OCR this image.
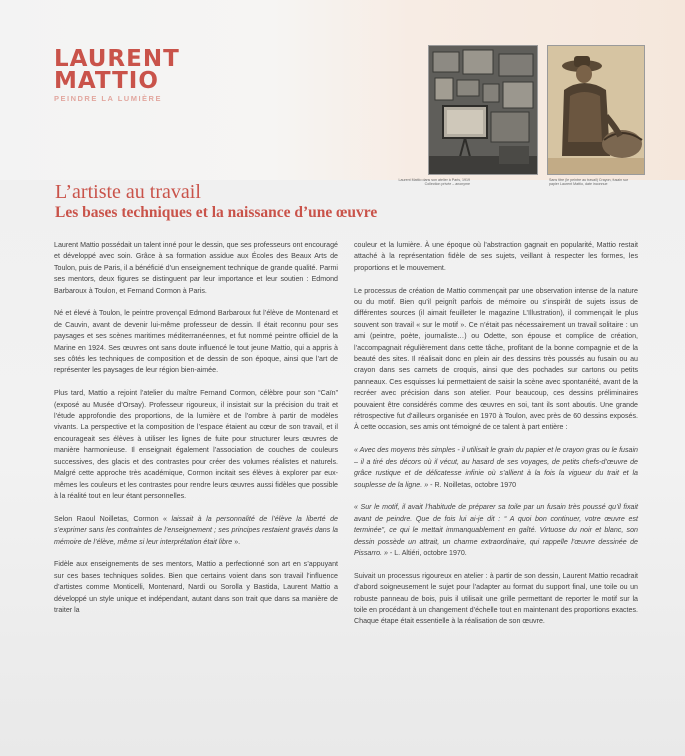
LAURENT
MATTIO
PEINDRE LA LUMIÈRE
Laurent Mattio dans son atelier à Paris, 1919 Collection privée – anonyme
Sans titre (le peintre au travail) Crayon, fusain sur papier Laurent Mattio, date inconnue
L’artiste au travail
Les bases techniques et la naissance d’une œuvre

Laurent Mattio possédait un talent inné pour le dessin, que ses professeurs ont encouragé et développé avec soin. Grâce à sa formation assidue aux Écoles des Beaux Arts de Toulon, puis de Paris, il a bénéficié d’un enseignement technique de grande qualité. Parmi ses mentors, deux figures se distinguent par leur importance et leur soutien : Edmond Barbaroux à Toulon, et Fernand Cormon à Paris.

Né et élevé à Toulon, le peintre provençal Edmond Barbaroux fut l’élève de Montenard et de Cauvin, avant de devenir lui-même professeur de dessin. Il était reconnu pour ses paysages et ses scènes maritimes méditerranéennes, et fut nommé peintre officiel de la Marine en 1924. Ses œuvres ont sans doute influencé le tout jeune Mattio, qui a appris à ses côtés les techniques de composition et de dessin de son époque, ainsi que l’art de représenter les paysages de leur région bien-aimée.

Plus tard, Mattio a rejoint l’atelier du maître Fernand Cormon, célèbre pour son “Caïn” (exposé au Musée d’Orsay). Professeur rigoureux, il insistait sur la précision du trait et l’étude approfondie des proportions, de la lumière et de l’ombre à partir de modèles vivants. La perspective et la composition de l’espace étaient au cœur de son travail, et il encourageait ses élèves à utiliser les lignes de fuite pour structurer leurs œuvres de manière harmonieuse. Il enseignait également l’association de couches de couleurs successives, des glacis et des contrastes pour créer des volumes réalistes et naturels. Malgré cette approche très académique, Cormon incitait ses élèves à explorer par eux-mêmes les couleurs et les contrastes pour rendre leurs œuvres aussi fidèles que possible à la réalité tout en leur étant personnelles.

Selon Raoul Noilletas, Cormon « laissait à la personnalité de l’élève la liberté de s’exprimer sans les contraintes de l’enseignement ; ses principes restaient gravés dans la mémoire de l’élève, même si leur interprétation était libre ».

Fidèle aux enseignements de ses mentors, Mattio a perfectionné son art en s’appuyant sur ces bases techniques solides. Bien que certains voient dans son travail l’influence d’artistes comme Monticelli, Montenard, Nardi ou Sorolla y Bastida, Laurent Mattio a développé un style unique et indépendant, autant dans son trait que dans sa manière de traiter la

couleur et la lumière. À une époque où l’abstraction gagnait en popularité, Mattio restait attaché à la représentation fidèle de ses sujets, veillant à respecter les formes, les proportions et le mouvement.

Le processus de création de Mattio commençait par une observation intense de la nature ou du motif. Bien qu’il peignît parfois de mémoire ou s’inspirât de sujets issus de différentes sources (il aimait feuilleter le magazine L’Illustration), il commençait le plus souvent son travail « sur le motif ». Ce n’était pas nécessairement un travail solitaire : un ami (peintre, poète, journaliste…) ou Odette, son épouse et complice de création, l’accompagnait régulièrement dans cette tâche, profitant de la bonne compagnie et de la beauté des sites. Il réalisait donc en plein air des dessins très poussés au fusain ou au crayon dans ses carnets de croquis, ainsi que des pochades sur cartons ou petits panneaux. Ces esquisses lui permettaient de saisir la scène avec spontanéité, avant de la recréer avec précision dans son atelier. Pour beaucoup, ces dessins préliminaires pouvaient être considérés comme des œuvres en soi, tant ils sont aboutis. Une grande rétrospective fut d’ailleurs organisée en 1970 à Toulon, avec près de 60 dessins exposés. À cette occasion, ses amis ont témoigné de ce talent à part entière :

« Avec des moyens très simples - il utilisait le grain du papier et le crayon gras ou le fusain – il a tiré des décors où il vécut, au hasard de ses voyages, de petits chefs-d’œuvre de grâce rustique et de délicatesse infinie où s’allient à la fois la vigueur du trait et la souplesse de la ligne. » - R. Noilletas, octobre 1970

« Sur le motif, il avait l’habitude de préparer sa toile par un fusain très poussé qu’il fixait avant de peindre. Que de fois lui ai-je dit : “ A quoi bon continuer, votre œuvre est terminée”, ce qui le mettait immanquablement en gaîté. Virtuose du noir et blanc, son dessin possède un attrait, un charme extraordinaire, qui rappelle l’œuvre dessinée de Pissarro. » - L. Altiéri, octobre 1970.

Suivait un processus rigoureux en atelier : à partir de son dessin, Laurent Mattio recadrait d’abord soigneusement le sujet pour l’adapter au format du support final, une toile ou un robuste panneau de bois, puis il utilisait une grille permettant de reporter le motif sur la toile en procédant à un changement d’échelle tout en maintenant des proportions exactes. Chaque étape était essentielle à la réalisation de son œuvre.
